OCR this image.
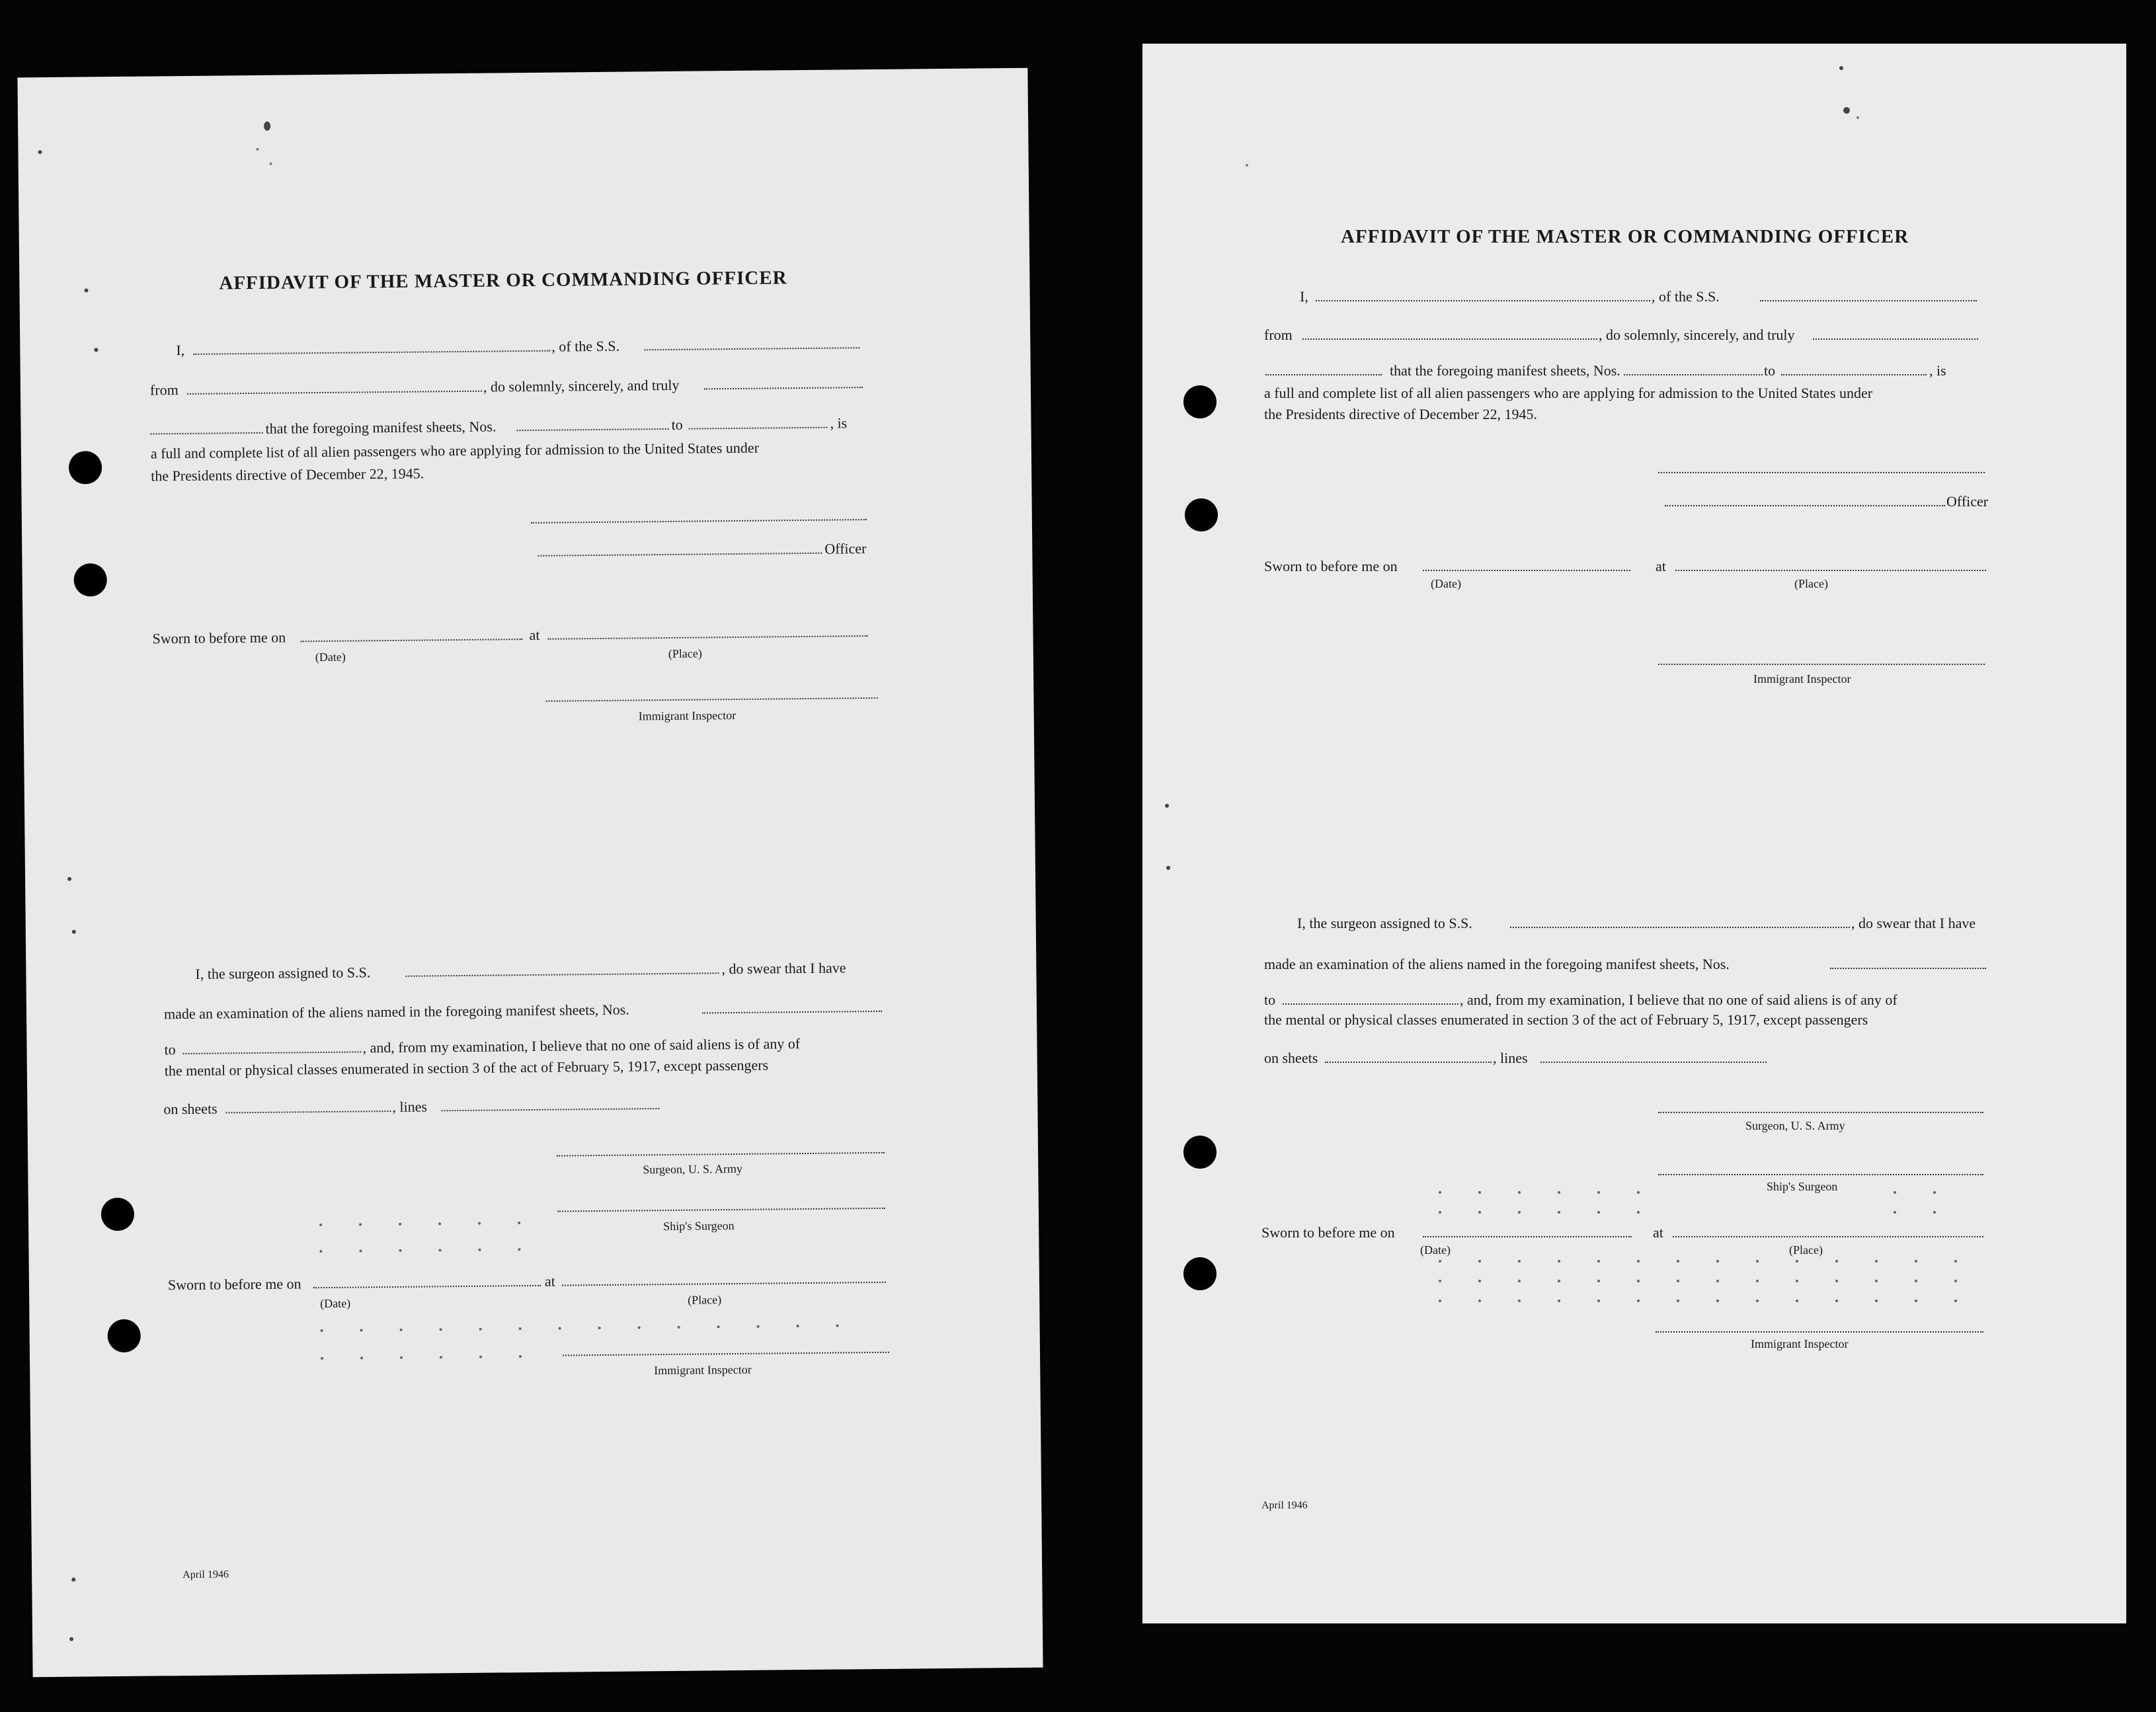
AFFIDAVIT OF THE MASTER OR COMMANDING OFFICER
I,	, of the S.S.
from	, do solemnly, sincerely, and truly
that the foregoing manifest sheets, Nos.	to	, is
a full and complete list of all alien passengers who are applying for admission to the United States under
the Presidents directive of December 22, 1945.
Officer
Sworn to before me on	at
(Date)	(Place)
Immigrant Inspector
I, the surgeon assigned to S.S.	, do swear that I have
made an examination of the aliens named in the foregoing manifest sheets, Nos.
to	, and, from my examination, I believe that no one of said aliens is of any of
the mental or physical classes enumerated in section 3 of the act of February 5, 1917, except passengers
on sheets	, lines
Surgeon, U. S. Army
Ship's Surgeon
Sworn to before me on	at
(Date)	(Place)
Immigrant Inspector
April 1946
AFFIDAVIT OF THE MASTER OR COMMANDING OFFICER
I,	, of the S.S.
from	, do solemnly, sincerely, and truly
that the foregoing manifest sheets, Nos.	to	, is
a full and complete list of all alien passengers who are applying for admission to the United States under
the Presidents directive of December 22, 1945.
Officer
Sworn to before me on	at
(Date)	(Place)
Immigrant Inspector
I, the surgeon assigned to S.S.	, do swear that I have
made an examination of the aliens named in the foregoing manifest sheets, Nos.
to	, and, from my examination, I believe that no one of said aliens is of any of
the mental or physical classes enumerated in section 3 of the act of February 5, 1917, except passengers
on sheets	, lines
Surgeon, U. S. Army
Ship's Surgeon
Sworn to before me on	at
(Date)	(Place)
Immigrant Inspector
April 1946
